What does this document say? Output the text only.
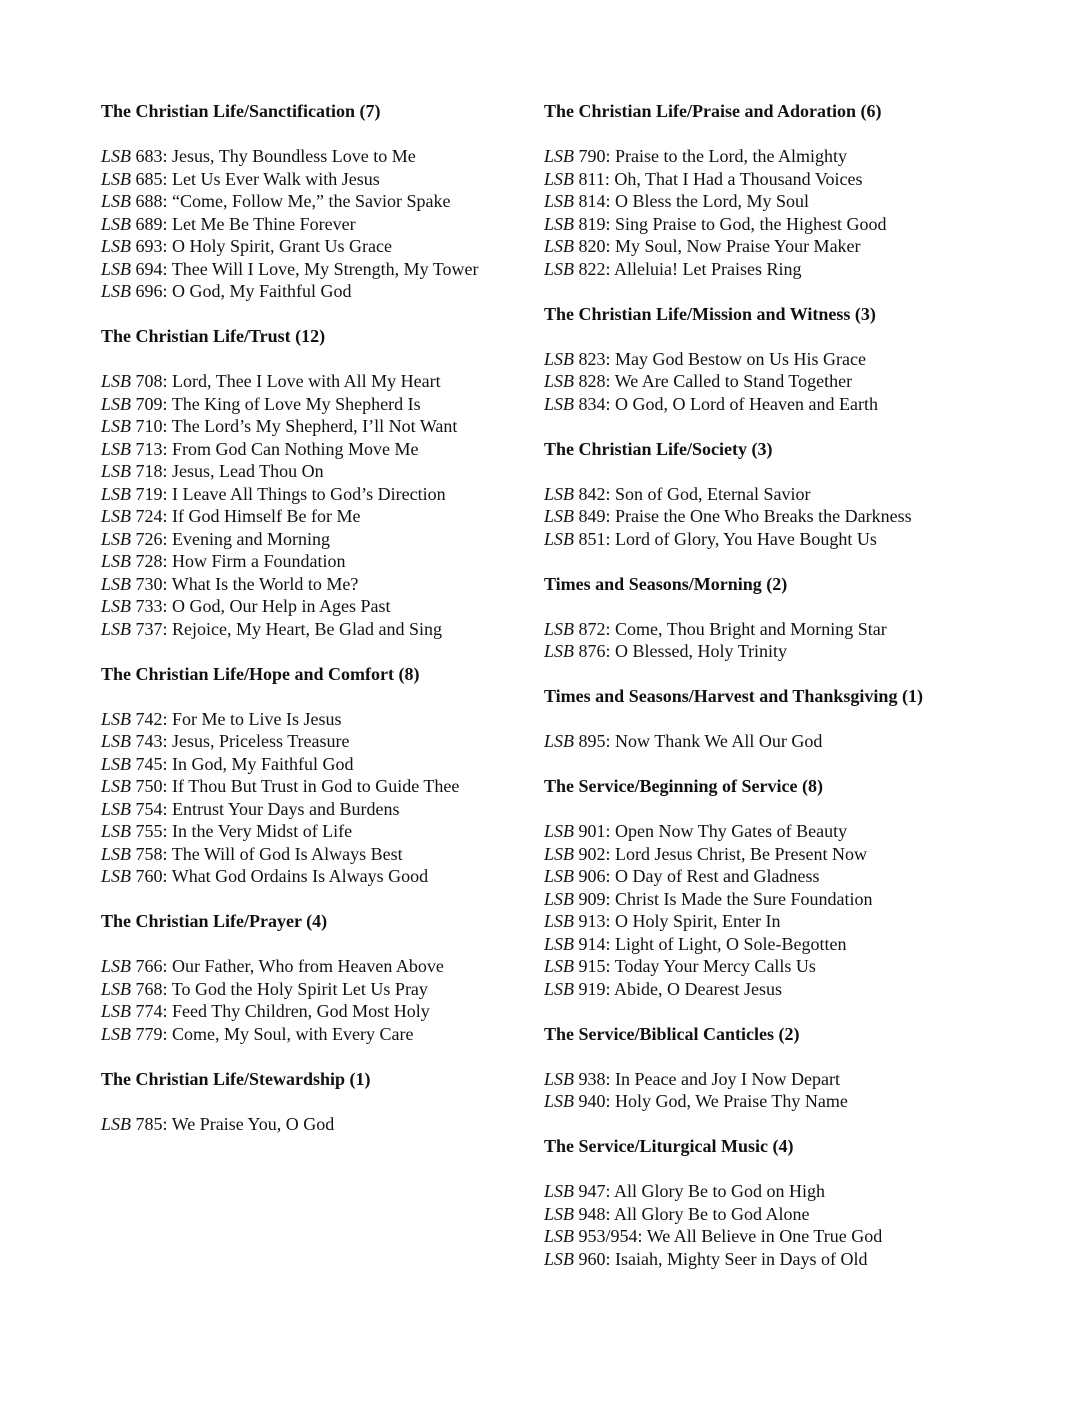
The Christian Life/Sanctification (7)
LSB 683: Jesus, Thy Boundless Love to Me
LSB 685: Let Us Ever Walk with Jesus
LSB 688: “Come, Follow Me,” the Savior Spake
LSB 689: Let Me Be Thine Forever
LSB 693: O Holy Spirit, Grant Us Grace
LSB 694: Thee Will I Love, My Strength, My Tower
LSB 696: O God, My Faithful God
The Christian Life/Trust (12)
LSB 708: Lord, Thee I Love with All My Heart
LSB 709: The King of Love My Shepherd Is
LSB 710: The Lord’s My Shepherd, I’ll Not Want
LSB 713: From God Can Nothing Move Me
LSB 718: Jesus, Lead Thou On
LSB 719: I Leave All Things to God’s Direction
LSB 724: If God Himself Be for Me
LSB 726: Evening and Morning
LSB 728: How Firm a Foundation
LSB 730: What Is the World to Me?
LSB 733: O God, Our Help in Ages Past
LSB 737: Rejoice, My Heart, Be Glad and Sing
The Christian Life/Hope and Comfort (8)
LSB 742: For Me to Live Is Jesus
LSB 743: Jesus, Priceless Treasure
LSB 745: In God, My Faithful God
LSB 750: If Thou But Trust in God to Guide Thee
LSB 754: Entrust Your Days and Burdens
LSB 755: In the Very Midst of Life
LSB 758: The Will of God Is Always Best
LSB 760: What God Ordains Is Always Good
The Christian Life/Prayer (4)
LSB 766: Our Father, Who from Heaven Above
LSB 768: To God the Holy Spirit Let Us Pray
LSB 774: Feed Thy Children, God Most Holy
LSB 779: Come, My Soul, with Every Care
The Christian Life/Stewardship (1)
LSB 785: We Praise You, O God
The Christian Life/Praise and Adoration (6)
LSB 790: Praise to the Lord, the Almighty
LSB 811: Oh, That I Had a Thousand Voices
LSB 814: O Bless the Lord, My Soul
LSB 819: Sing Praise to God, the Highest Good
LSB 820: My Soul, Now Praise Your Maker
LSB 822: Alleluia! Let Praises Ring
The Christian Life/Mission and Witness (3)
LSB 823: May God Bestow on Us His Grace
LSB 828: We Are Called to Stand Together
LSB 834: O God, O Lord of Heaven and Earth
The Christian Life/Society (3)
LSB 842: Son of God, Eternal Savior
LSB 849: Praise the One Who Breaks the Darkness
LSB 851: Lord of Glory, You Have Bought Us
Times and Seasons/Morning (2)
LSB 872: Come, Thou Bright and Morning Star
LSB 876: O Blessed, Holy Trinity
Times and Seasons/Harvest and Thanksgiving (1)
LSB 895: Now Thank We All Our God
The Service/Beginning of Service (8)
LSB 901: Open Now Thy Gates of Beauty
LSB 902: Lord Jesus Christ, Be Present Now
LSB 906: O Day of Rest and Gladness
LSB 909: Christ Is Made the Sure Foundation
LSB 913: O Holy Spirit, Enter In
LSB 914: Light of Light, O Sole-Begotten
LSB 915: Today Your Mercy Calls Us
LSB 919: Abide, O Dearest Jesus
The Service/Biblical Canticles (2)
LSB 938: In Peace and Joy I Now Depart
LSB 940: Holy God, We Praise Thy Name
The Service/Liturgical Music (4)
LSB 947: All Glory Be to God on High
LSB 948: All Glory Be to God Alone
LSB 953/954: We All Believe in One True God
LSB 960: Isaiah, Mighty Seer in Days of Old
